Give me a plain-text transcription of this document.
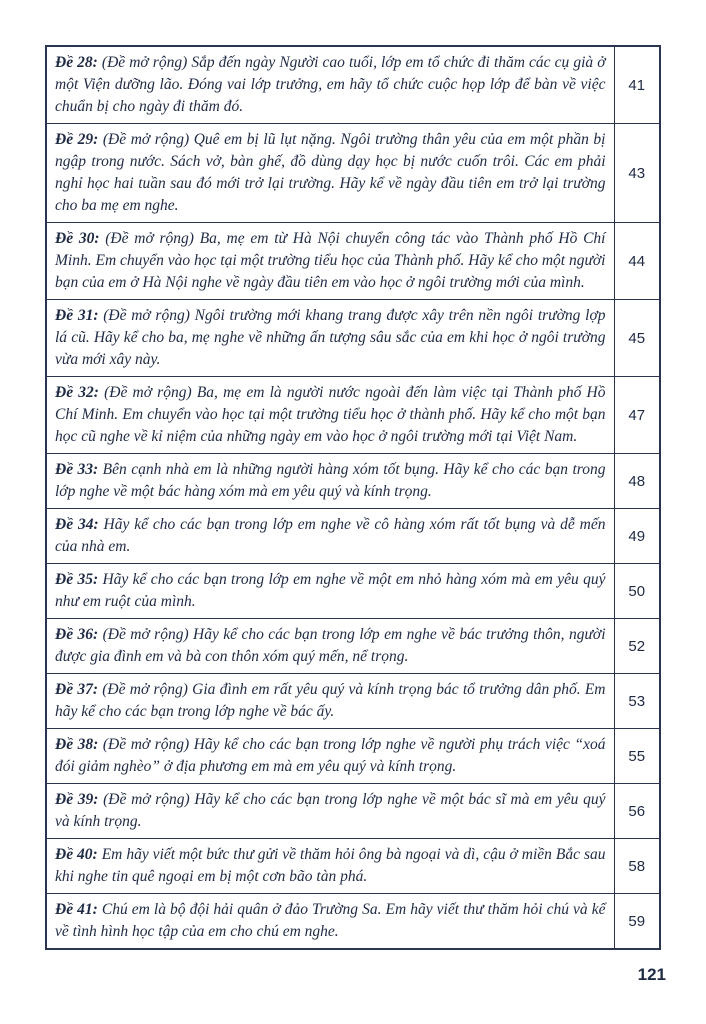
Đề 28: (Đề mở rộng) Sắp đến ngày Người cao tuổi, lớp em tổ chức đi thăm các cụ già ở một Viện dưỡng lão. Đóng vai lớp trưởng, em hãy tổ chức cuộc họp lớp để bàn về việc chuẩn bị cho ngày đi thăm đó.	41
Đề 29: (Đề mở rộng) Quê em bị lũ lụt nặng. Ngôi trường thân yêu của em một phần bị ngập trong nước. Sách vở, bàn ghế, đồ dùng dạy học bị nước cuốn trôi. Các em phải nghỉ học hai tuần sau đó mới trở lại trường. Hãy kể về ngày đầu tiên em trở lại trường cho ba mẹ em nghe.	43
Đề 30: (Đề mở rộng) Ba, mẹ em từ Hà Nội chuyển công tác vào Thành phố Hồ Chí Minh. Em chuyển vào học tại một trường tiểu học của Thành phố. Hãy kể cho một người bạn của em ở Hà Nội nghe về ngày đầu tiên em vào học ở ngôi trường mới của mình.	44
Đề 31: (Đề mở rộng) Ngôi trường mới khang trang được xây trên nền ngôi trường lợp lá cũ. Hãy kể cho ba, mẹ nghe về những ấn tượng sâu sắc của em khi học ở ngôi trường vừa mới xây này.	45
Đề 32: (Đề mở rộng) Ba, mẹ em là người nước ngoài đến làm việc tại Thành phố Hồ Chí Minh. Em chuyển vào học tại một trường tiểu học ở thành phố. Hãy kể cho một bạn học cũ nghe về kỉ niệm của những ngày em vào học ở ngôi trường mới tại Việt Nam.	47
Đề 33: Bên cạnh nhà em là những người hàng xóm tốt bụng. Hãy kể cho các bạn trong lớp nghe về một bác hàng xóm mà em yêu quý và kính trọng.	48
Đề 34: Hãy kể cho các bạn trong lớp em nghe về cô hàng xóm rất tốt bụng và dễ mến của nhà em.	49
Đề 35: Hãy kể cho các bạn trong lớp em nghe về một em nhỏ hàng xóm mà em yêu quý như em ruột của mình.	50
Đề 36: (Đề mở rộng) Hãy kể cho các bạn trong lớp em nghe về bác trưởng thôn, người được gia đình em và bà con thôn xóm quý mến, nể trọng.	52
Đề 37: (Đề mở rộng) Gia đình em rất yêu quý và kính trọng bác tổ trưởng dân phố. Em hãy kể cho các bạn trong lớp nghe về bác ấy.	53
Đề 38: (Đề mở rộng) Hãy kể cho các bạn trong lớp nghe về người phụ trách việc “xoá đói giảm nghèo” ở địa phương em mà em yêu quý và kính trọng.	55
Đề 39: (Đề mở rộng) Hãy kể cho các bạn trong lớp nghe về một bác sĩ mà em yêu quý và kính trọng.	56
Đề 40: Em hãy viết một bức thư gửi về thăm hỏi ông bà ngoại và dì, cậu ở miền Bắc sau khi nghe tin quê ngoại em bị một cơn bão tàn phá.	58
Đề 41: Chú em là bộ đội hải quân ở đảo Trường Sa. Em hãy viết thư thăm hỏi chú và kể về tình hình học tập của em cho chú em nghe.	59
121
